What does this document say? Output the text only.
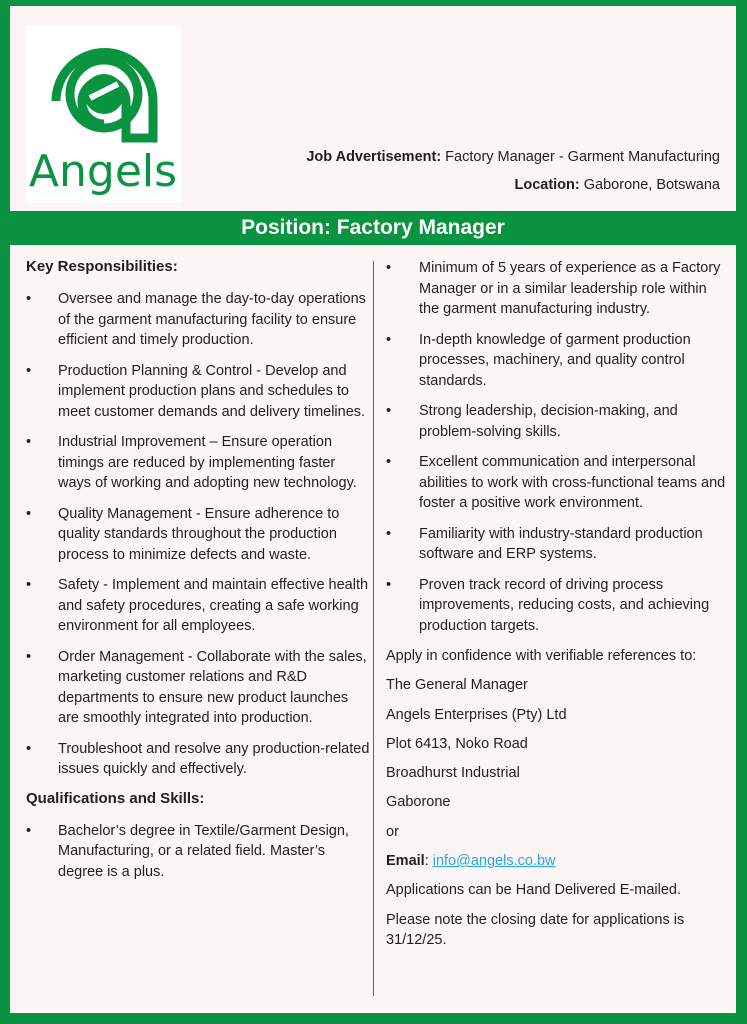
Angels	Job Advertisement: Factory Manager - Garment Manufacturing
Location: Gaborone, Botswana
Position: Factory Manager
Key Responsibilities:
• Oversee and manage the day-to-day operations of the garment manufacturing facility to ensure efficient and timely production.
• Production Planning & Control - Develop and implement production plans and schedules to meet customer demands and delivery timelines.
• Industrial Improvement – Ensure operation timings are reduced by implementing faster ways of working and adopting new technology.
• Quality Management - Ensure adherence to quality standards throughout the production process to minimize defects and waste.
• Safety - Implement and maintain effective health and safety procedures, creating a safe working environment for all employees.
• Order Management - Collaborate with the sales, marketing customer relations and R&D departments to ensure new product launches are smoothly integrated into production.
• Troubleshoot and resolve any production-related issues quickly and effectively.
Qualifications and Skills:
• Bachelor’s degree in Textile/Garment Design, Manufacturing, or a related field. Master’s degree is a plus.
• Minimum of 5 years of experience as a Factory Manager or in a similar leadership role within the garment manufacturing industry.
• In-depth knowledge of garment production processes, machinery, and quality control standards.
• Strong leadership, decision-making, and problem-solving skills.
• Excellent communication and interpersonal abilities to work with cross-functional teams and foster a positive work environment.
• Familiarity with industry-standard production software and ERP systems.
• Proven track record of driving process improvements, reducing costs, and achieving production targets.

Apply in confidence with verifiable references to:

The General Manager

Angels Enterprises (Pty) Ltd

Plot 6413, Noko Road

Broadhurst Industrial

Gaborone

or

Email: info@angels.co.bw

Applications can be Hand Delivered E-mailed.

Please note the closing date for applications is 31/12/25.
